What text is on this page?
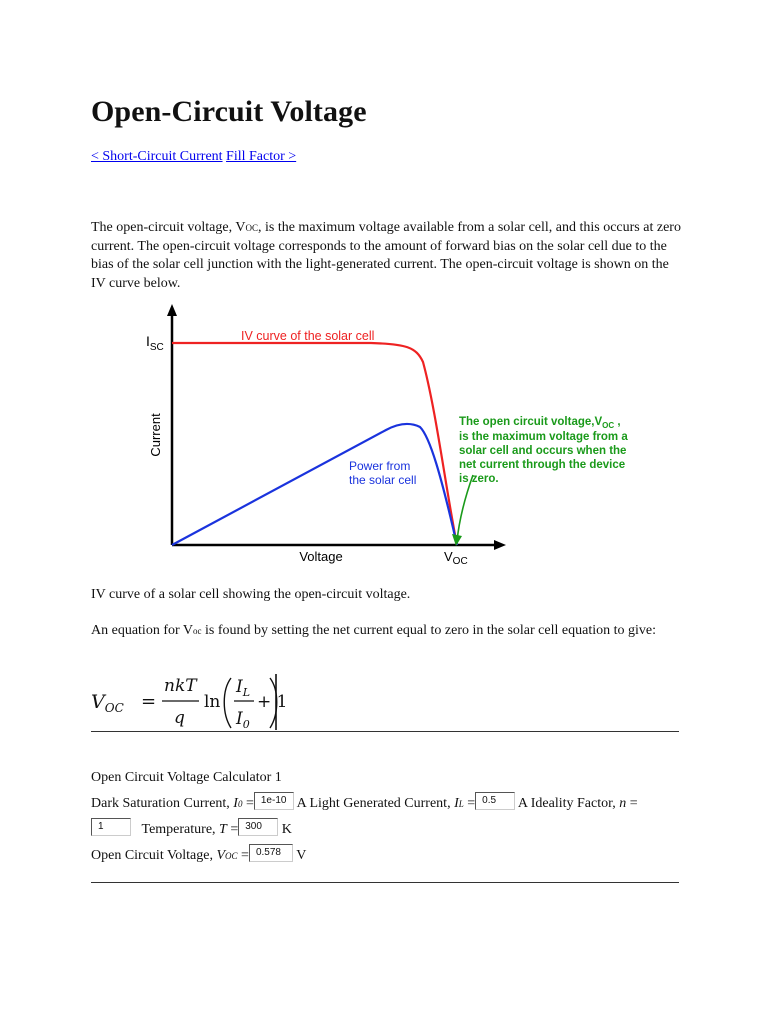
Open-Circuit Voltage
< Short-Circuit Current Fill Factor >

The open-circuit voltage, VOC, is the maximum voltage available from a solar cell, and this occurs at zero current. The open-circuit voltage corresponds to the amount of forward bias on the solar cell due to the bias of the solar cell junction with the light-generated current. The open-circuit voltage is shown on the IV curve below.

$I_{SC}$
Current
Voltage	$V_{OC}$
IV curve of the solar cell
Power from
the solar cell
The open circuit $voltage,V_{OC}$ ,
is the maximum voltage from a
solar cell and occurs when the
net current through the device
is zero.
IV curve of a solar cell showing the open-circuit voltage.

An equation for Voc is found by setting the net current equal to zero in the solar cell equation to give:

$V_{OC}$ =
nkT
q
ln
$I_L$
$I_0$
+ 1
Open Circuit Voltage Calculator 1
Dark Saturation Current, I0 = 1e-10 A Light Generated Current, IL = 0.5 A Ideality Factor, n =
1	Temperature, T = 300 K
Open Circuit Voltage, VOC = 0.578 V
